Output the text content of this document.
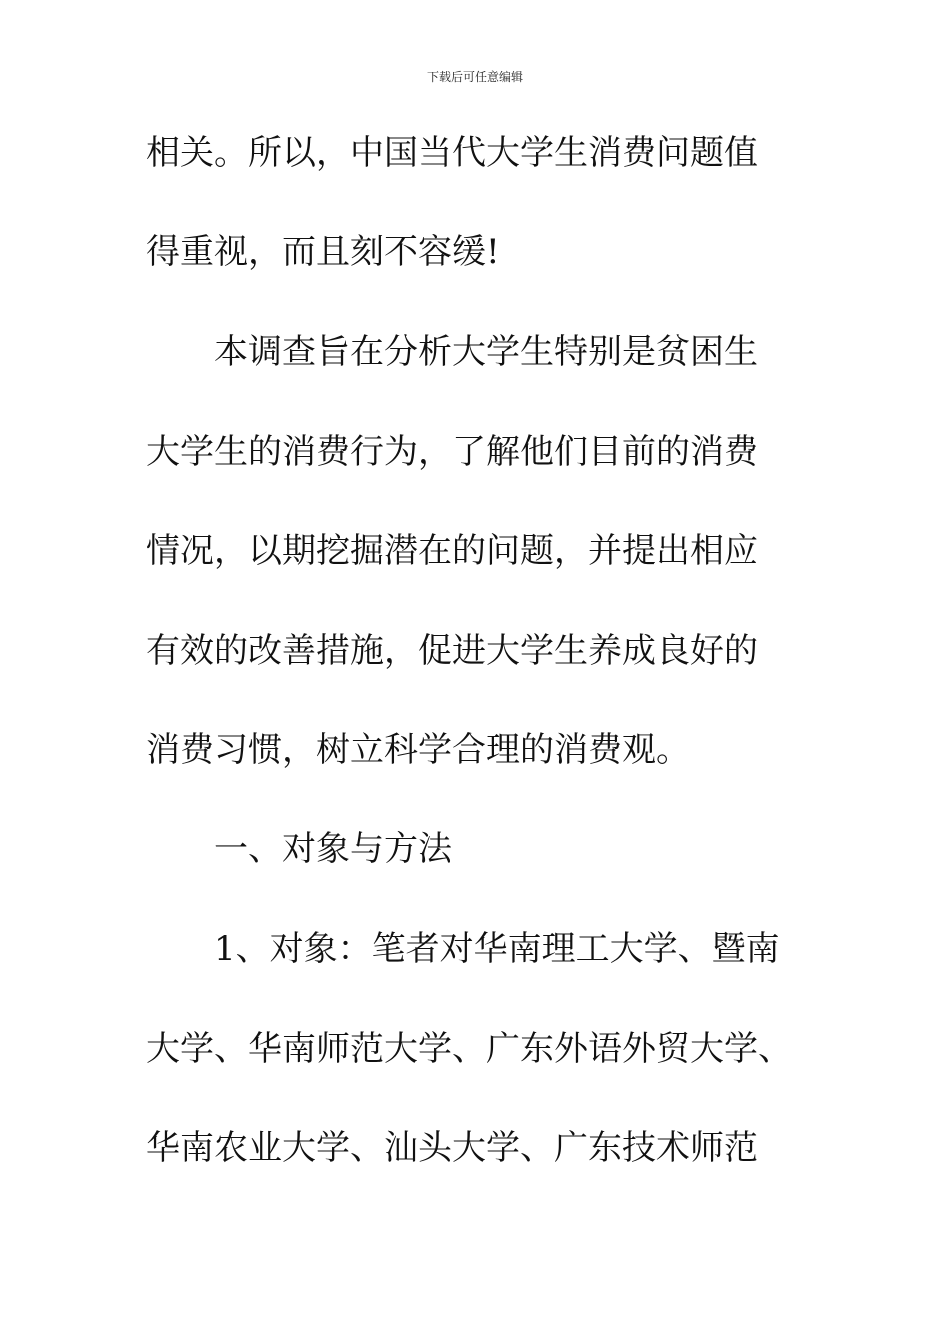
下载后可任意编辑
相关。所以，中国当代大学生消费问题值
得重视，而且刻不容缓!
本调查旨在分析大学生特别是贫困生
大学生的消费行为，了解他们目前的消费
情况，以期挖掘潜在的问题，并提出相应
有效的改善措施，促进大学生养成良好的
消费习惯，树立科学合理的消费观。
一、对象与方法
1、对象：笔者对华南理工大学、暨南
大学、华南师范大学、广东外语外贸大学、
华南农业大学、汕头大学、广东技术师范
